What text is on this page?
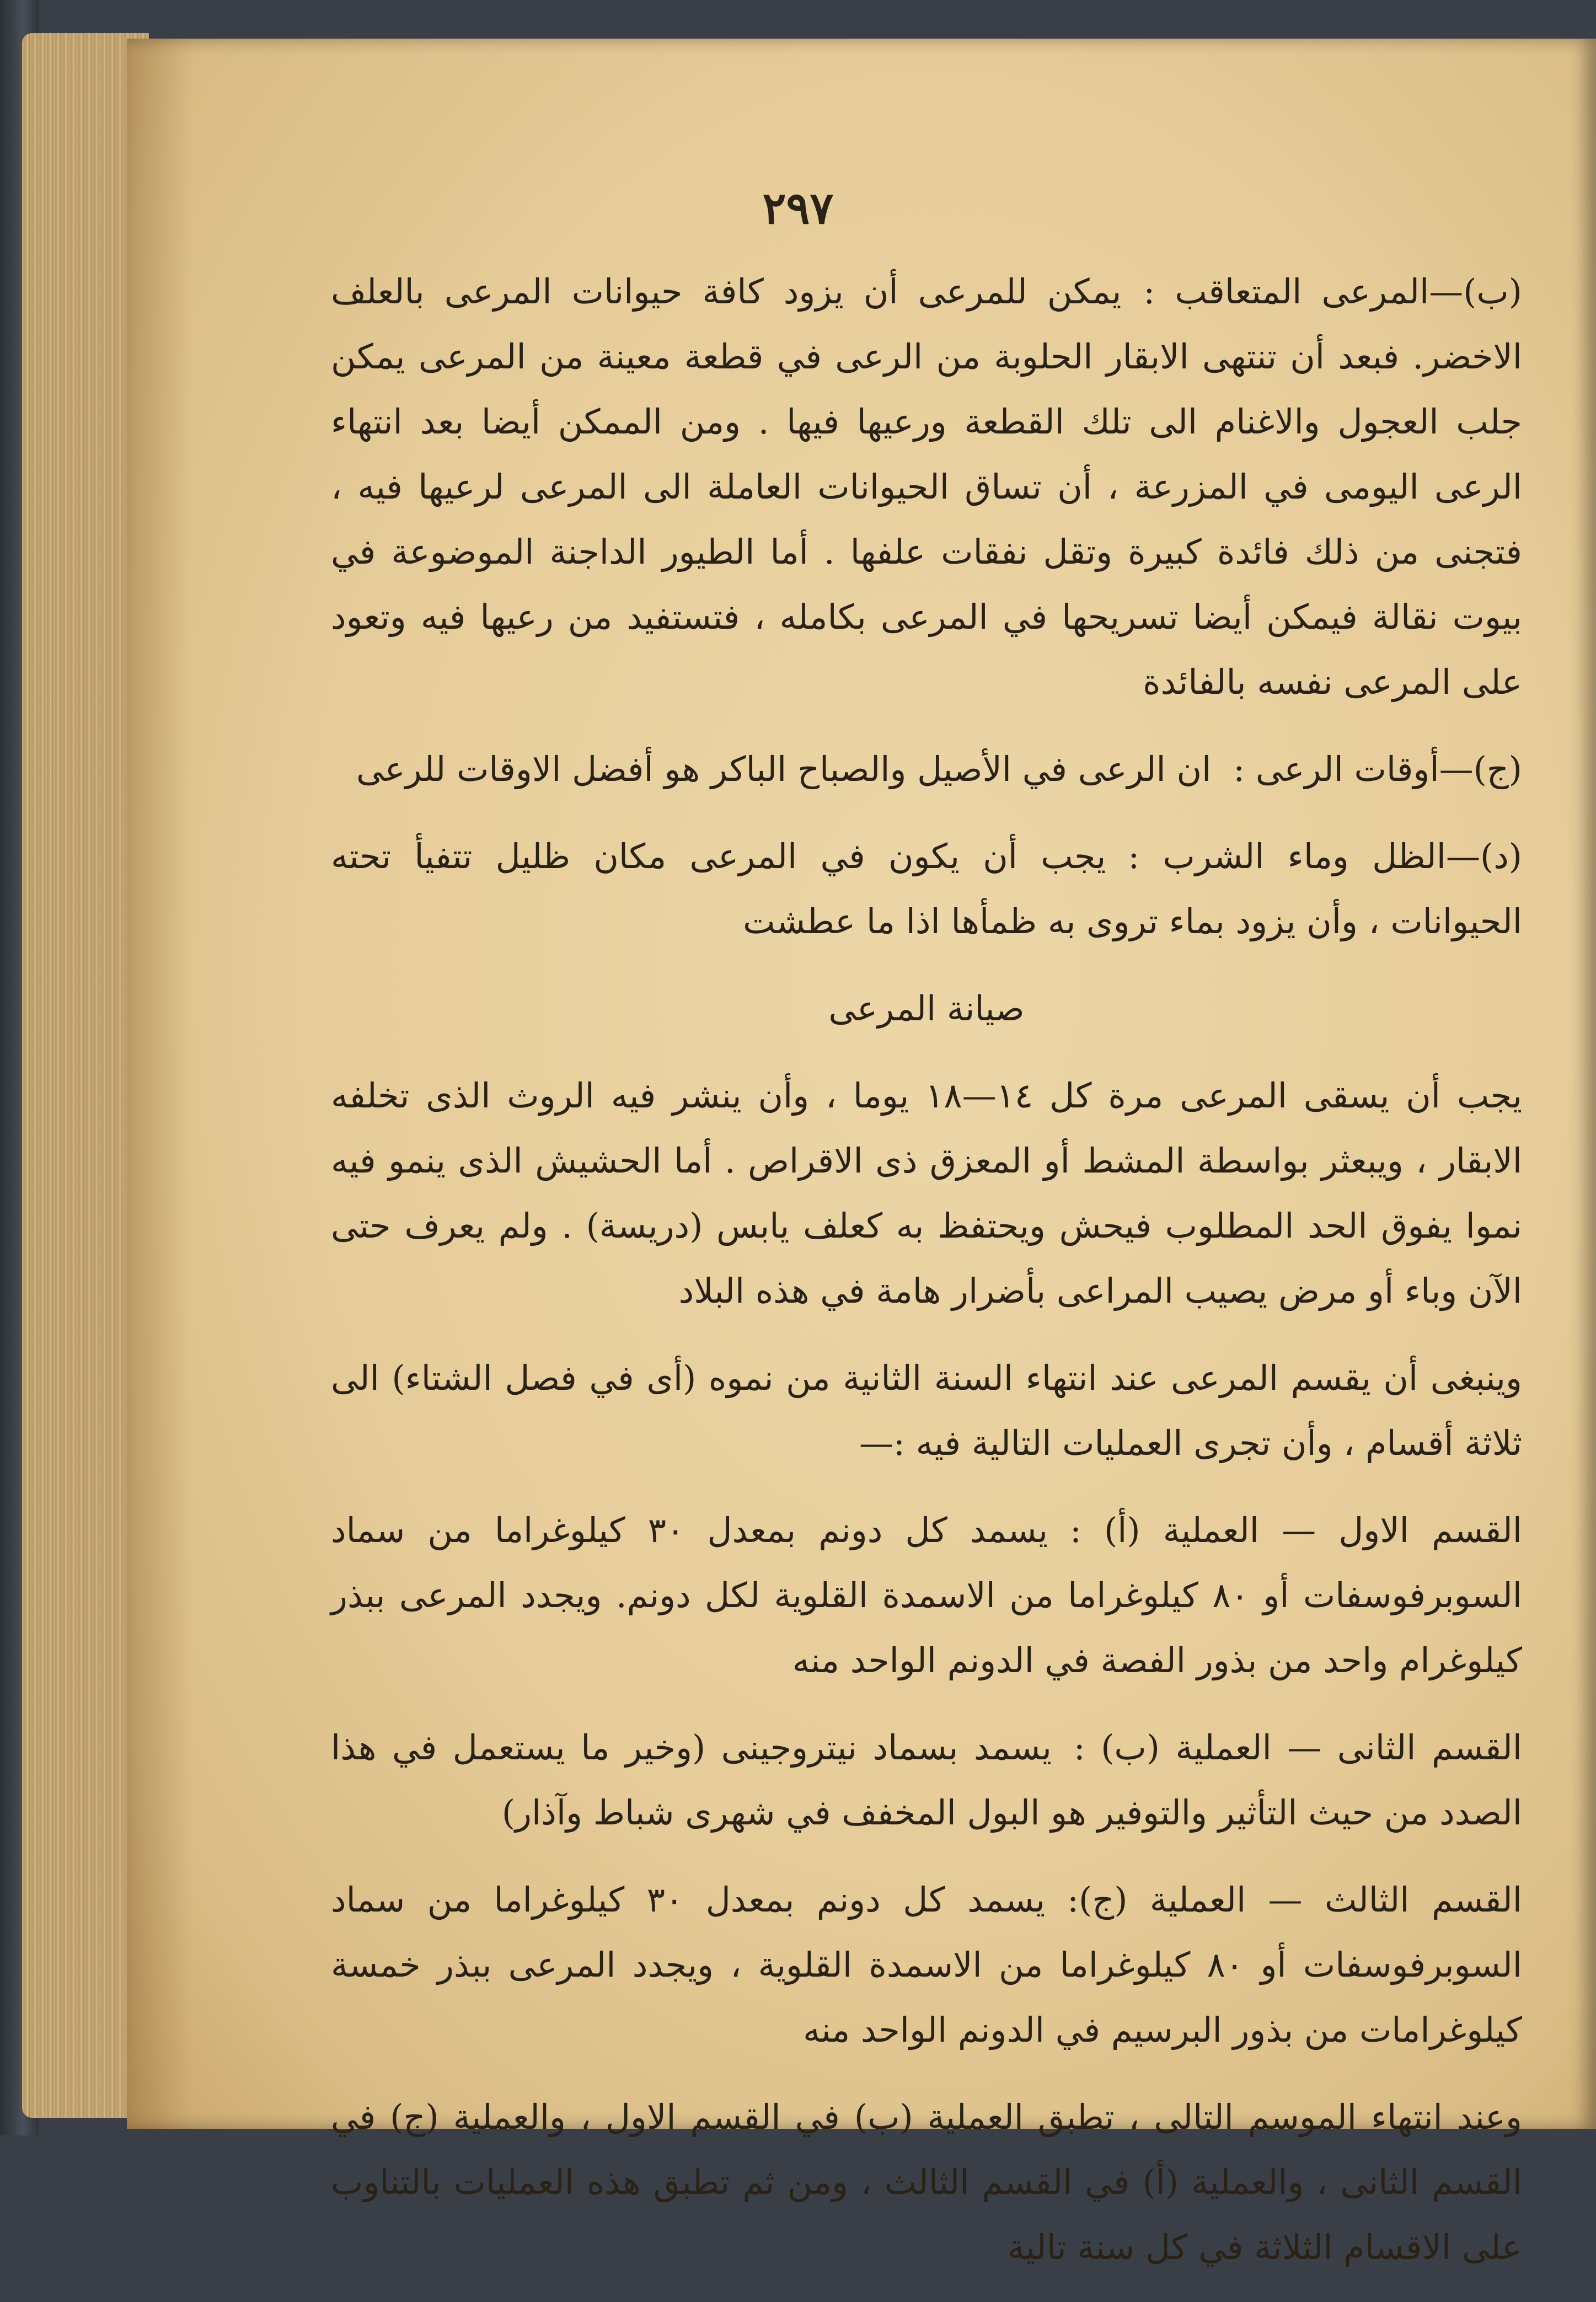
٢٩٧

(ب)—المرعى المتعاقب :يمكن للمرعى أن يزود كافة حيوانات المرعى بالعلف الاخضر. فبعد أن تنتهى الابقار الحلوبة من الرعى في قطعة معينة من المرعى يمكن جلب العجول والاغنام الى تلك القطعة ورعيها فيها . ومن الممكن أيضا بعد انتهاء الرعى اليومى في المزرعة ، أن تساق الحيوانات العاملة الى المرعى لرعيها فيه ، فتجنى من ذلك فائدة كبيرة وتقل نفقات علفها . أما الطيور الداجنة الموضوعة في بيوت نقالة فيمكن أيضا تسريحها في المرعى بكامله ، فتستفيد من رعيها فيه وتعود على المرعى نفسه بالفائدة

(ج)—أوقات الرعى :ان الرعى في الأصيل والصباح الباكر هو أفضل الاوقات للرعى

(د)—الظل وماء الشرب :يجب أن يكون في المرعى مكان ظليل تتفيأ تحته الحيوانات ، وأن يزود بماء تروى به ظمأها اذا ما عطشت

صيانة المرعى

يجب أن يسقى المرعى مرة كل ١٤—١٨ يوما ، وأن ينشر فيه الروث الذى تخلفه الابقار ، ويبعثر بواسطة المشط أو المعزق ذى الاقراص . أما الحشيش الذى ينمو فيه نموا يفوق الحد المطلوب فيحش ويحتفظ به كعلف يابس (دريسة) . ولم يعرف حتى الآن وباء أو مرض يصيب المراعى بأضرار هامة في هذه البلاد

وينبغى أن يقسم المرعى عند انتهاء السنة الثانية من نموه (أى في فصل الشتاء) الى ثلاثة أقسام ، وأن تجرى العمليات التالية فيه :—

القسم الاول — العملية (أ) :يسمد كل دونم بمعدل ٣٠ كيلوغراما من سماد السوبرفوسفات أو ٨٠ كيلوغراما من الاسمدة القلوية لكل دونم. ويجدد المرعى ببذر كيلوغرام واحد من بذور الفصة في الدونم الواحد منه

القسم الثانى — العملية (ب) :يسمد بسماد نيتروجينى (وخير ما يستعمل في هذا الصدد من حيث التأثير والتوفير هو البول المخفف في شهرى شباط وآذار)

القسم الثالث — العملية (ج):يسمد كل دونم بمعدل ٣٠ كيلوغراما من سماد السوبرفوسفات أو ٨٠ كيلوغراما من الاسمدة القلوية ، ويجدد المرعى ببذر خمسة كيلوغرامات من بذور البرسيم في الدونم الواحد منه

وعند انتهاء الموسم التالى ، تطبق العملية (ب) في القسم الاول ، والعملية (ج) في القسم الثانى ، والعملية (أ) في القسم الثالث ، ومن ثم تطبق هذه العمليات بالتناوب على الاقسام الثلاثة في كل سنة تالية
